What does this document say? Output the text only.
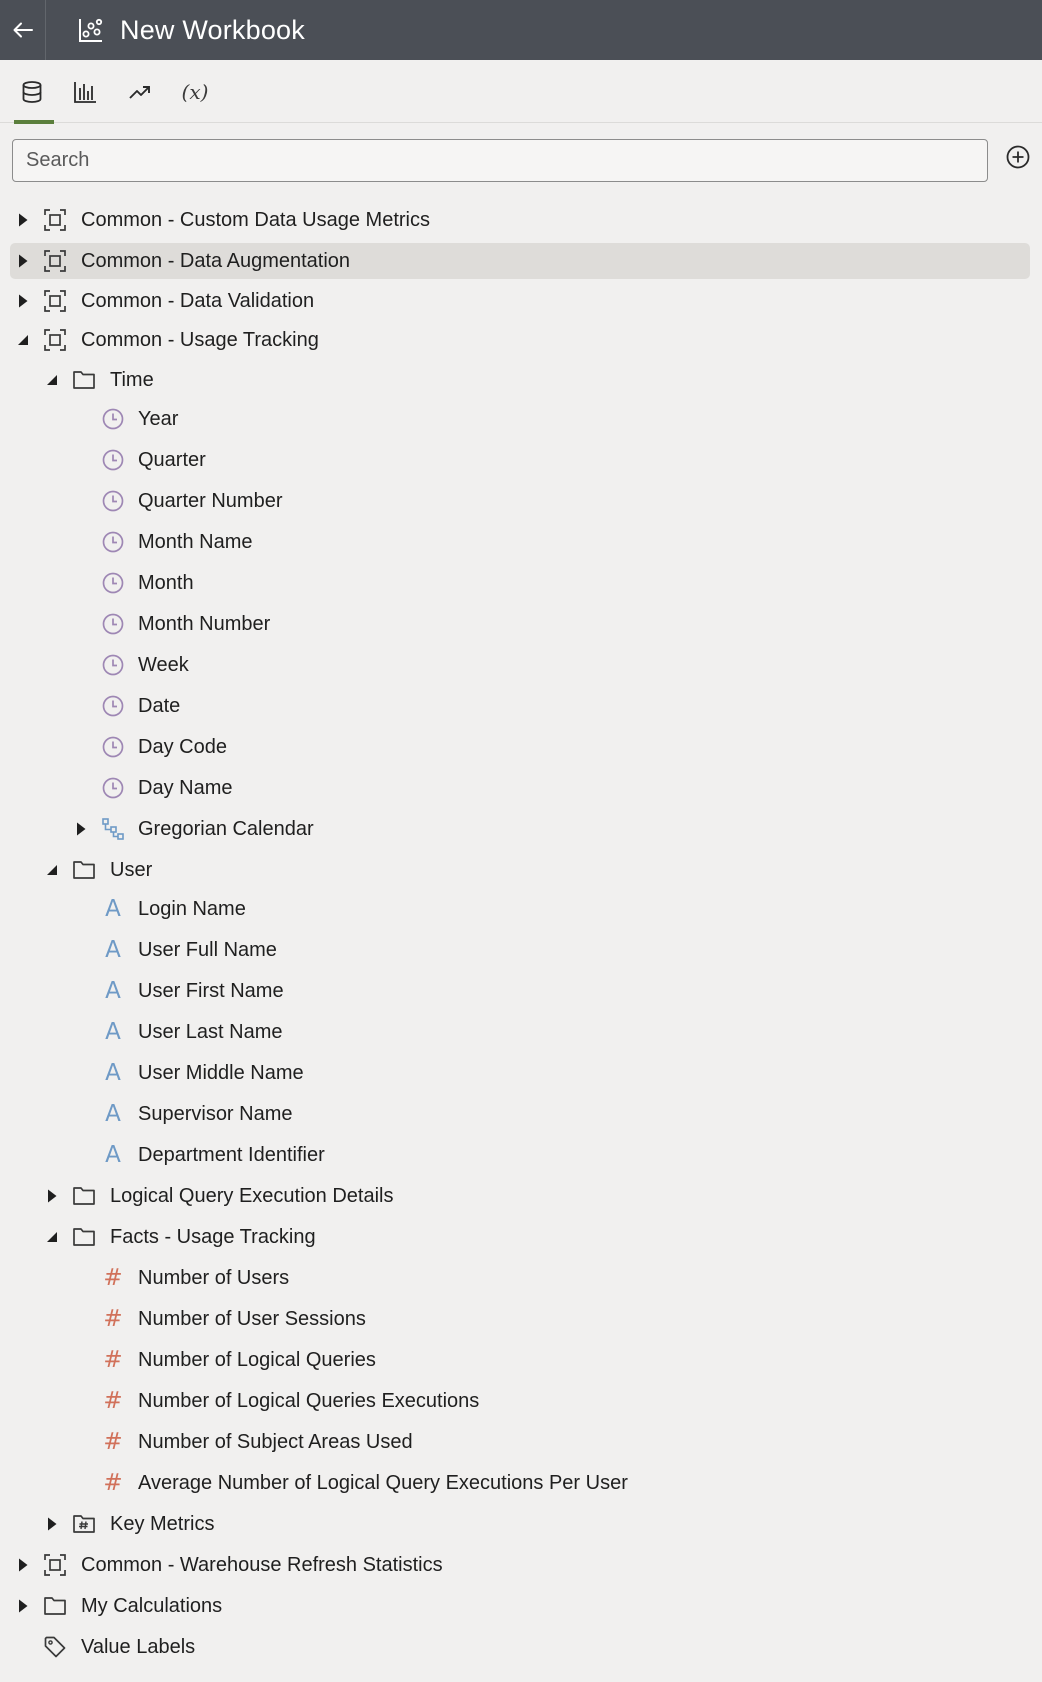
New Workbook
(x)
Search
Common - Custom Data Usage Metrics
Common - Data Augmentation
Common - Data Validation
Common - Usage Tracking
Time
Year
Quarter
Quarter Number
Month Name
Month
Month Number
Week
Date
Day Code
Day Name
Gregorian Calendar
User
A Login Name
A User Full Name
A User First Name
A User Last Name
A User Middle Name
A Supervisor Name
A Department Identifier
Logical Query Execution Details
Facts - Usage Tracking
# Number of Users
# Number of User Sessions
# Number of Logical Queries
# Number of Logical Queries Executions
# Number of Subject Areas Used
# Average Number of Logical Query Executions Per User
Key Metrics
Common - Warehouse Refresh Statistics
My Calculations
Value Labels
